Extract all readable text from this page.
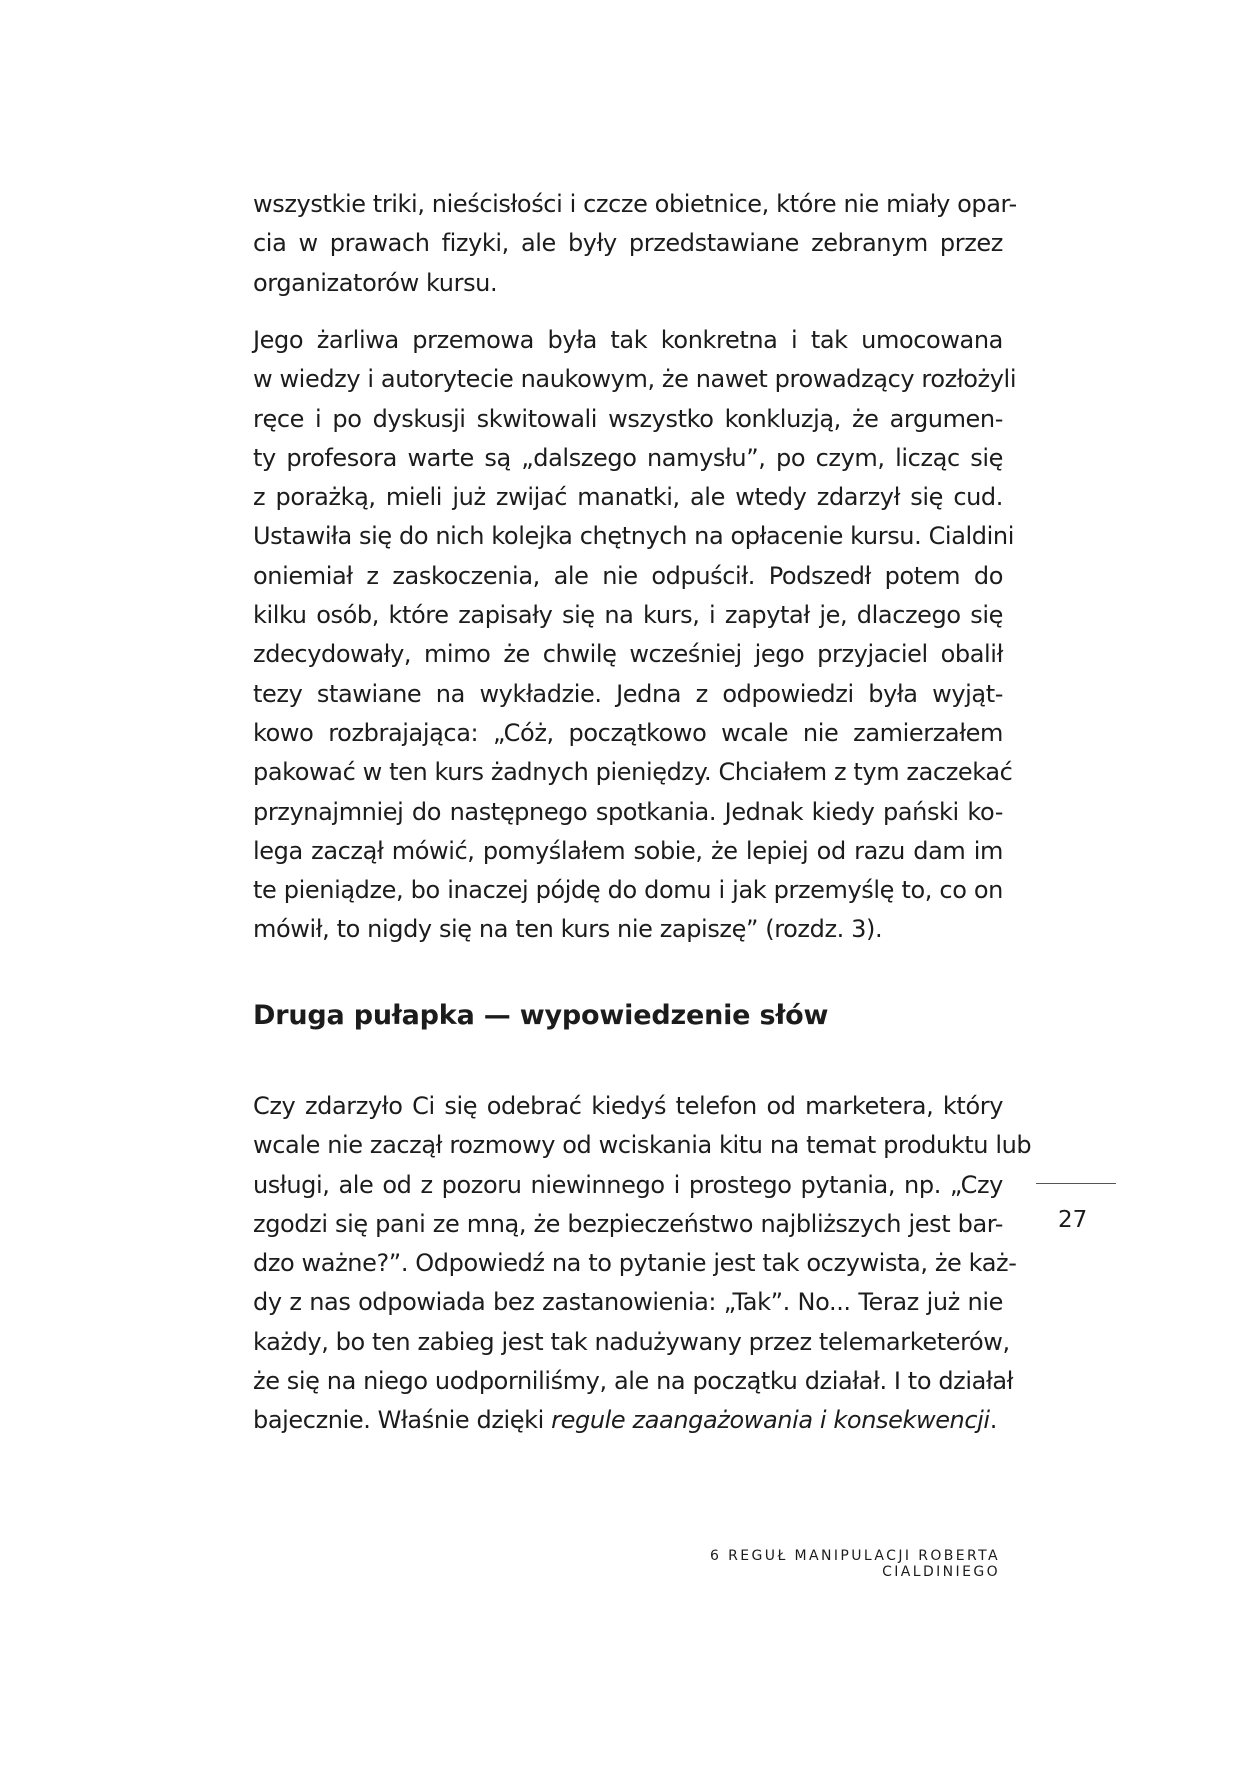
wszystkie triki, nieścisłości i czcze obietnice, które nie miały opar-
cia w prawach fizyki, ale były przedstawiane zebranym przez
organizatorów kursu.
Jego żarliwa przemowa była tak konkretna i tak umocowana
w wiedzy i autorytecie naukowym, że nawet prowadzący rozłożyli
ręce i po dyskusji skwitowali wszystko konkluzją, że argumen-
ty profesora warte są „dalszego namysłu”, po czym, licząc się
z porażką, mieli już zwijać manatki, ale wtedy zdarzył się cud.
Ustawiła się do nich kolejka chętnych na opłacenie kursu. Cialdini
oniemiał z zaskoczenia, ale nie odpuścił. Podszedł potem do
kilku osób, które zapisały się na kurs, i zapytał je, dlaczego się
zdecydowały, mimo że chwilę wcześniej jego przyjaciel obalił
tezy stawiane na wykładzie. Jedna z odpowiedzi była wyjąt-
kowo rozbrajająca: „Cóż, początkowo wcale nie zamierzałem
pakować w ten kurs żadnych pieniędzy. Chciałem z tym zaczekać
przynajmniej do następnego spotkania. Jednak kiedy pański ko-
lega zaczął mówić, pomyślałem sobie, że lepiej od razu dam im
te pieniądze, bo inaczej pójdę do domu i jak przemyślę to, co on
mówił, to nigdy się na ten kurs nie zapiszę” (rozdz. 3).
Druga pułapka — wypowiedzenie słów
Czy zdarzyło Ci się odebrać kiedyś telefon od marketera, który
wcale nie zaczął rozmowy od wciskania kitu na temat produktu lub
usługi, ale od z pozoru niewinnego i prostego pytania, np. „Czy
zgodzi się pani ze mną, że bezpieczeństwo najbliższych jest bar-
dzo ważne?”. Odpowiedź na to pytanie jest tak oczywista, że każ-
dy z nas odpowiada bez zastanowienia: „Tak”. No... Teraz już nie
każdy, bo ten zabieg jest tak nadużywany przez telemarketerów,
że się na niego uodporniliśmy, ale na początku działał. I to działał
bajecznie. Właśnie dzięki regule zaangażowania i konsekwencji.
27
6 REGUŁ MANIPULACJI ROBERTA CIALDINIEGO
